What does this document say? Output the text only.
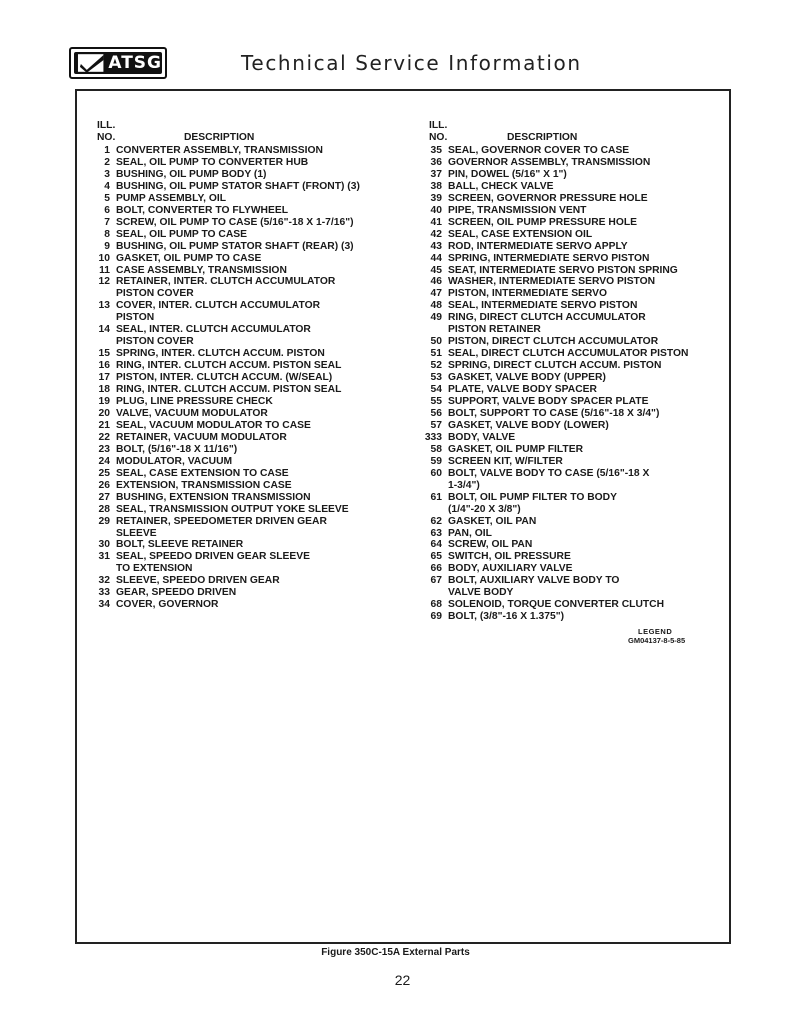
ATSG	Technical Service Information
ILL.
NO.	DESCRIPTION
1 CONVERTER ASSEMBLY, TRANSMISSION
2 SEAL, OIL PUMP TO CONVERTER HUB
3 BUSHING, OIL PUMP BODY (1)
4 BUSHING, OIL PUMP STATOR SHAFT (FRONT) (3)
5 PUMP ASSEMBLY, OIL
6 BOLT, CONVERTER TO FLYWHEEL
7 SCREW, OIL PUMP TO CASE (5/16"-18 X 1-7/16")
8 SEAL, OIL PUMP TO CASE
9 BUSHING, OIL PUMP STATOR SHAFT (REAR) (3)
10 GASKET, OIL PUMP TO CASE
11 CASE ASSEMBLY, TRANSMISSION
12 RETAINER, INTER. CLUTCH ACCUMULATOR
PISTON COVER
13 COVER, INTER. CLUTCH ACCUMULATOR
PISTON
14 SEAL, INTER. CLUTCH ACCUMULATOR
PISTON COVER
15 SPRING, INTER. CLUTCH ACCUM. PISTON
16 RING, INTER. CLUTCH ACCUM. PISTON SEAL
17 PISTON, INTER. CLUTCH ACCUM. (W/SEAL)
18 RING, INTER. CLUTCH ACCUM. PISTON SEAL
19 PLUG, LINE PRESSURE CHECK
20 VALVE, VACUUM MODULATOR
21 SEAL, VACUUM MODULATOR TO CASE
22 RETAINER, VACUUM MODULATOR
23 BOLT, (5/16"-18 X 11/16")
24 MODULATOR, VACUUM
25 SEAL, CASE EXTENSION TO CASE
26 EXTENSION, TRANSMISSION CASE
27 BUSHING, EXTENSION TRANSMISSION
28 SEAL, TRANSMISSION OUTPUT YOKE SLEEVE
29 RETAINER, SPEEDOMETER DRIVEN GEAR
SLEEVE
30 BOLT, SLEEVE RETAINER
31 SEAL, SPEEDO DRIVEN GEAR SLEEVE
TO EXTENSION
32 SLEEVE, SPEEDO DRIVEN GEAR
33 GEAR, SPEEDO DRIVEN
34 COVER, GOVERNOR
ILL.
NO.	DESCRIPTION
35 SEAL, GOVERNOR COVER TO CASE
36 GOVERNOR ASSEMBLY, TRANSMISSION
37 PIN, DOWEL (5/16" X 1")
38 BALL, CHECK VALVE
39 SCREEN, GOVERNOR PRESSURE HOLE
40 PIPE, TRANSMISSION VENT
41 SCREEN, OIL PUMP PRESSURE HOLE
42 SEAL, CASE EXTENSION OIL
43 ROD, INTERMEDIATE SERVO APPLY
44 SPRING, INTERMEDIATE SERVO PISTON
45 SEAT, INTERMEDIATE SERVO PISTON SPRING
46 WASHER, INTERMEDIATE SERVO PISTON
47 PISTON, INTERMEDIATE SERVO
48 SEAL, INTERMEDIATE SERVO PISTON
49 RING, DIRECT CLUTCH ACCUMULATOR
PISTON RETAINER
50 PISTON, DIRECT CLUTCH ACCUMULATOR
51 SEAL, DIRECT CLUTCH ACCUMULATOR PISTON
52 SPRING, DIRECT CLUTCH ACCUM. PISTON
53 GASKET, VALVE BODY (UPPER)
54 PLATE, VALVE BODY SPACER
55 SUPPORT, VALVE BODY SPACER PLATE
56 BOLT, SUPPORT TO CASE (5/16"-18 X 3/4")
57 GASKET, VALVE BODY (LOWER)
333 BODY, VALVE
58 GASKET, OIL PUMP FILTER
59 SCREEN KIT, W/FILTER
60 BOLT, VALVE BODY TO CASE (5/16"-18 X
1-3/4")
61 BOLT, OIL PUMP FILTER TO BODY
(1/4"-20 X 3/8")
62 GASKET, OIL PAN
63 PAN, OIL
64 SCREW, OIL PAN
65 SWITCH, OIL PRESSURE
66 BODY, AUXILIARY VALVE
67 BOLT, AUXILIARY VALVE BODY TO
VALVE BODY
68 SOLENOID, TORQUE CONVERTER CLUTCH
69 BOLT, (3/8"-16 X 1.375")
LEGEND
GM04137-8-5-85
Figure 350C-15A External Parts
22
